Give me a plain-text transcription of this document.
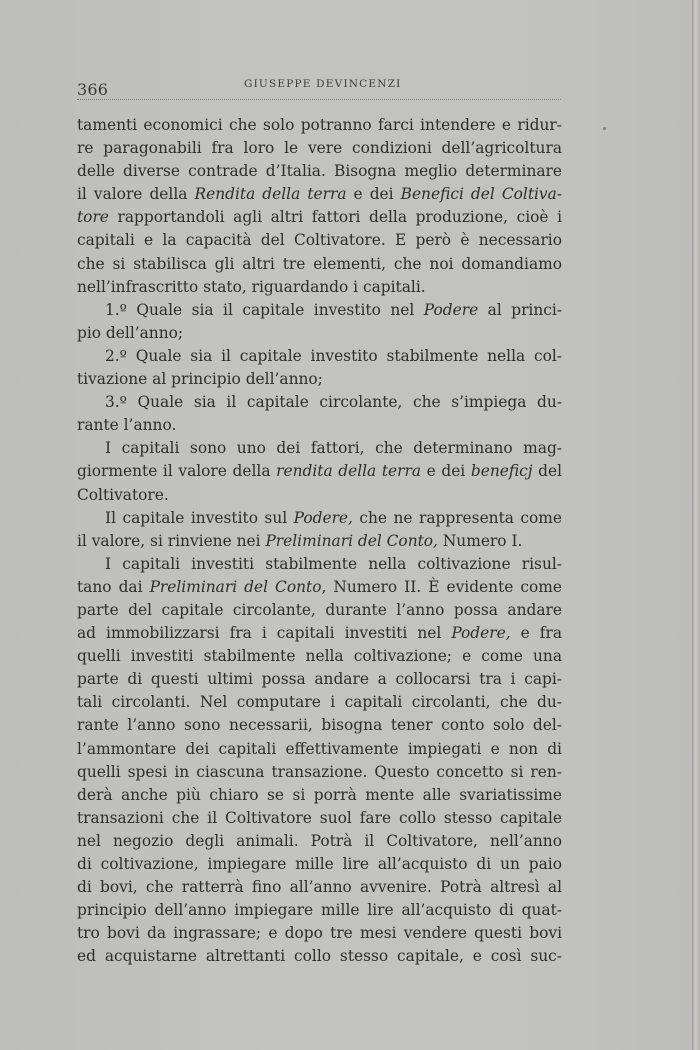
366	GIUSEPPE DEVINCENZI
tamenti economici che solo potranno farci intendere e ridur-
re paragonabili fra loro le vere condizioni dell’agricoltura
delle diverse contrade d’Italia. Bisogna meglio determinare
il valore della Rendita della terra e dei Benefici del Coltiva-
tore rapportandoli agli altri fattori della produzione, cioè i
capitali e la capacità del Coltivatore. E però è necessario
che si stabilisca gli altri tre elementi, che noi domandiamo
nell’infrascritto stato, riguardando i capitali.
1.º Quale sia il capitale investito nel Podere al princi-
pio dell’anno;
2.º Quale sia il capitale investito stabilmente nella col-
tivazione al principio dell’anno;
3.º Quale sia il capitale circolante, che s’impiega du-
rante l’anno.
I capitali sono uno dei fattori, che determinano mag-
giormente il valore della rendita della terra e dei beneficj del
Coltivatore.
Il capitale investito sul Podere, che ne rappresenta come
il valore, si rinviene nei Preliminari del Conto, Numero I.
I capitali investiti stabilmente nella coltivazione risul-
tano dai Preliminari del Conto, Numero II. È evidente come
parte del capitale circolante, durante l’anno possa andare
ad immobilizzarsi fra i capitali investiti nel Podere, e fra
quelli investiti stabilmente nella coltivazione; e come una
parte di questi ultimi possa andare a collocarsi tra i capi-
tali circolanti. Nel computare i capitali circolanti, che du-
rante l’anno sono necessarii, bisogna tener conto solo del-
l’ammontare dei capitali effettivamente impiegati e non di
quelli spesi in ciascuna transazione. Questo concetto si ren-
derà anche più chiaro se si porrà mente alle svariatissime
transazioni che il Coltivatore suol fare collo stesso capitale
nel negozio degli animali. Potrà il Coltivatore, nell’anno
di coltivazione, impiegare mille lire all’acquisto di un paio
di bovi, che ratterrà fino all’anno avvenire. Potrà altresì al
principio dell’anno impiegare mille lire all’acquisto di quat-
tro bovi da ingrassare; e dopo tre mesi vendere questi bovi
ed acquistarne altrettanti collo stesso capitale, e così suc-
